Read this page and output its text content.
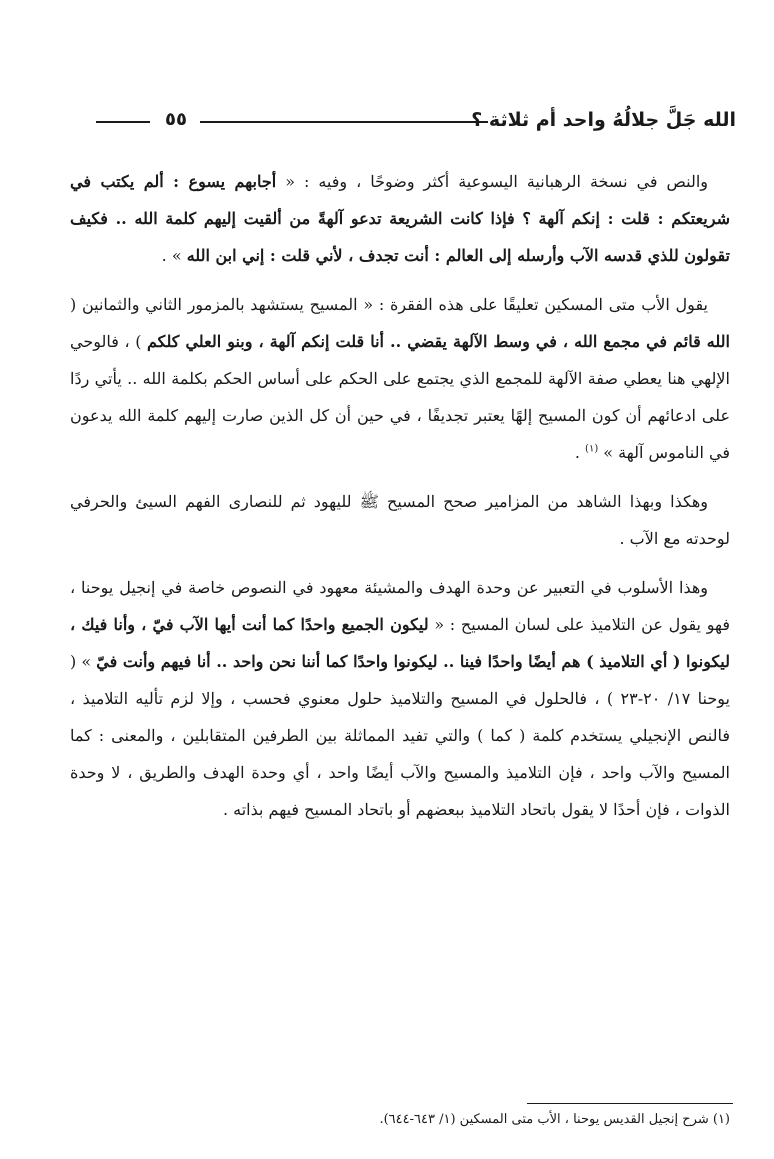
الله جَلَّ جلالُهُ واحد أم ثلاثة ؟
٥٥

والنص في نسخة الرهبانية اليسوعية أكثر وضوحًا ، وفيه : « أجابهم يسوع : ألم يكتب في شريعتكم : قلت : إنكم آلهة ؟ فإذا كانت الشريعة تدعو آلهةً من ألقيت إليهم كلمة الله .. فكيف تقولون للذي قدسه الآب وأرسله إلى العالم : أنت تجدف ، لأني قلت : إني ابن الله » .

يقول الأب متى المسكين تعليقًا على هذه الفقرة : « المسيح يستشهد بالمزمور الثاني والثمانين ( الله قائم في مجمع الله ، في وسط الآلهة يقضي .. أنا قلت إنكم آلهة ، وبنو العلي كلكم ) ، فالوحي الإلهي هنا يعطي صفة الآلهة للمجمع الذي يجتمع على الحكم على أساس الحكم بكلمة الله .. يأتي ردًا على ادعائهم أن كون المسيح إلهًا يعتبر تجديفًا ، في حين أن كل الذين صارت إليهم كلمة الله يدعون في الناموس آلهة » $^{(١)}$ .

وهكذا وبهذا الشاهد من المزامير صحح المسيح ﷺ لليهود ثم للنصارى الفهم السيئ والحرفي لوحدته مع الآب .

وهذا الأسلوب في التعبير عن وحدة الهدف والمشيئة معهود في النصوص خاصة في إنجيل يوحنا ، فهو يقول عن التلاميذ على لسان المسيح : « ليكون الجميع واحدًا كما أنت أيها الآب فيّ ، وأنا فيك ، ليكونوا ( أي التلاميذ ) هم أيضًا واحدًا فينا .. ليكونوا واحدًا كما أننا نحن واحد .. أنا فيهم وأنت فيّ » ( يوحنا ١٧/ ٢٠-٢٣ ) ، فالحلول في المسيح والتلاميذ حلول معنوي فحسب ، وإلا لزم تأليه التلاميذ ، فالنص الإنجيلي يستخدم كلمة ( كما ) والتي تفيد المماثلة بين الطرفين المتقابلين ، والمعنى : كما المسيح والآب واحد ، فإن التلاميذ والمسيح والآب أيضًا واحد ، أي وحدة الهدف والطريق ، لا وحدة الذوات ، فإن أحدًا لا يقول باتحاد التلاميذ ببعضهم أو باتحاد المسيح فيهم بذاته .

(١) شرح إنجيل القديس يوحنا ، الأب متى المسكين (١/ ٦٤٣-٦٤٤).
